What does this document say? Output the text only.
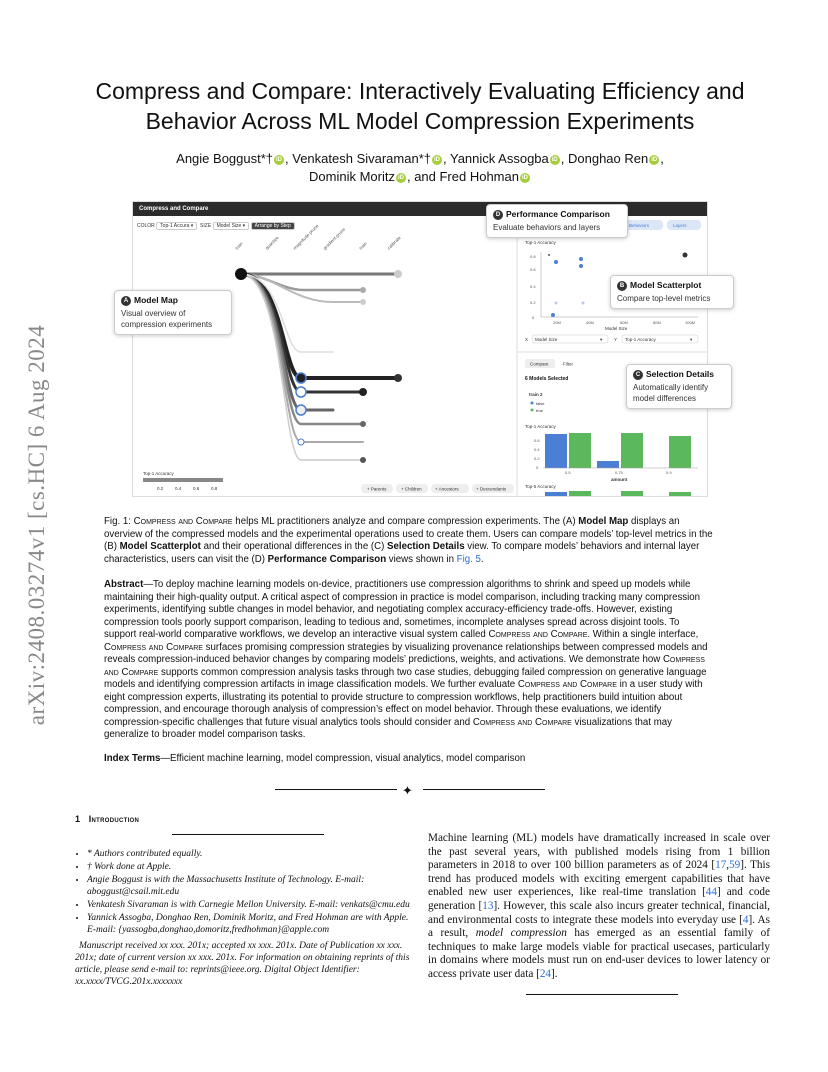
arXiv:2408.03274v1 [cs.HC] 6 Aug 2024
Compress and Compare: Interactively Evaluating Efficiency and
Behavior Across ML Model Compression Experiments
Angie Boggust*† iD , Venkatesh Sivaraman*† iD , Yannick Assogba iD , Donghao Ren iD ,
Dominik Moritz iD , and Fred Hohman iD
Compress and Compare
COLOR Top-1 Accura ▾ SIZE Model Size ▾ Arrange by Step
train	quantize	magnitude prune gradient prune	train	calibrate
Top-1 Accuracy
0.2	0.4	0.6	0.8	+ Parents	+ Children	+ Ancestors	+ Descendants
Behaviors	Layers
Top-1 Accuracy
0.8
0.6
0.4
0.2
0
20M	40M	60M	80M	100M
Model Size
X Model Size	▾	Y Top-1 Accuracy	▾
Compare	Filter
6 Models Selected
train 2
false
true
Top-1 Accuracy
0.6
0.4
0.2
0
0.5	0.75	0.9
amount
Top-5 Accuracy
A Model Map
Visual overview of
compression experiments
D Performance Comparison
Evaluate behaviors and layers
B Model Scatterplot
Compare top-level metrics
C Selection Details
Automatically identify
model differences
Fig. 1: Compress and Compare helps ML practitioners analyze and compare compression experiments. The (A) Model Map displays an overview of the compressed models and the experimental operations used to create them. Users can compare models’ top-level metrics in the (B) Model Scatterplot and their operational differences in the (C) Selection Details view. To compare models’ behaviors and internal layer characteristics, users can visit the (D) Performance Comparison views shown in Fig. 5.
Abstract—To deploy machine learning models on-device, practitioners use compression algorithms to shrink and speed up models while maintaining their high-quality output. A critical aspect of compression in practice is model comparison, including tracking many compression experiments, identifying subtle changes in model behavior, and negotiating complex accuracy-efficiency trade-offs. However, existing compression tools poorly support comparison, leading to tedious and, sometimes, incomplete analyses spread across disjoint tools. To support real-world comparative workflows, we develop an interactive visual system called Compress and Compare. Within a single interface, Compress and Compare surfaces promising compression strategies by visualizing provenance relationships between compressed models and reveals compression-induced behavior changes by comparing models’ predictions, weights, and activations. We demonstrate how Compress and Compare supports common compression analysis tasks through two case studies, debugging failed compression on generative language models and identifying compression artifacts in image classification models. We further evaluate Compress and Compare in a user study with eight compression experts, illustrating its potential to provide structure to compression workflows, help practitioners build intuition about compression, and encourage thorough analysis of compression’s effect on model behavior. Through these evaluations, we identify compression-specific challenges that future visual analytics tools should consider and Compress and Compare visualizations that may generalize to broader model comparison tasks.
Index Terms—Efficient machine learning, model compression, visual analytics, model comparison
✦
1 Introduction
• * Authors contributed equally.
• † Work done at Apple.
• Angie Boggust is with the Massachusetts Institute of Technology. E-mail: aboggust@csail.mit.edu
• Venkatesh Sivaraman is with Carnegie Mellon University. E-mail: venkats@cmu.edu
• Yannick Assogba, Donghao Ren, Dominik Moritz, and Fred Hohman are with Apple. E-mail: {yassogba,donghao,domoritz,fredhohman}@apple.com

Manuscript received xx xxx. 201x; accepted xx xxx. 201x. Date of Publication xx xxx. 201x; date of current version xx xxx. 201x. For information on obtaining reprints of this article, please send e-mail to: reprints@ieee.org. Digital Object Identifier: xx.xxxx/TVCG.201x.xxxxxxx

Machine learning (ML) models have dramatically increased in scale over the past several years, with published models rising from 1 billion parameters in 2018 to over 100 billion parameters as of 2024 [17,59]. This trend has produced models with exciting emergent capabilities that have enabled new user experiences, like real-time translation [44] and code generation [13]. However, this scale also incurs greater technical, financial, and environmental costs to integrate these models into everyday use [4]. As a result, model compression has emerged as an essential family of techniques to make large models viable for practical usecases, particularly in domains where models must run on end-user devices to lower latency or access private user data [24].
